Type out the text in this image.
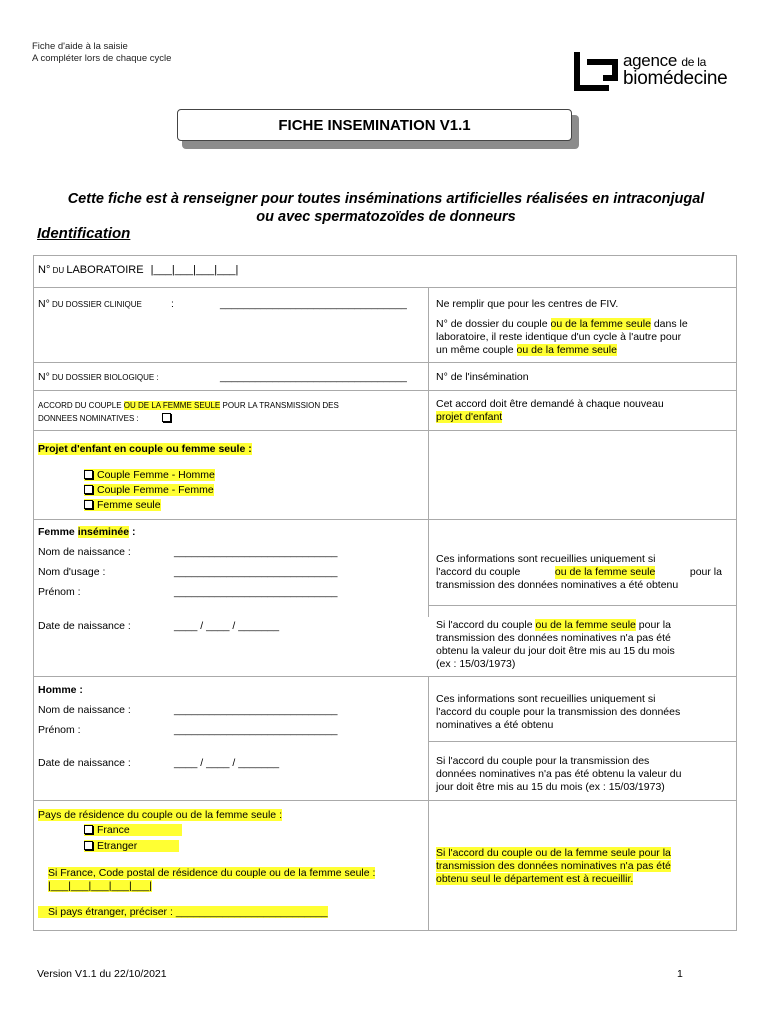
Fiche d'aide à la saisie
A compléter lors de chaque cycle	agence de la
biomédecine
FICHE INSEMINATION V1.1
Cette fiche est à renseigner pour toutes inséminations artificielles réalisées en intraconjugal
ou avec spermatozoïdes de donneurs
Identification
N° DU LABORATOIRE |___|___|___|___|
N° DU DOSSIER CLINIQUE	:	________________________________	Ne remplir que pour les centres de FIV.
N° de dossier du couple ou de la femme seule dans le
laboratoire, il reste identique d'un cycle à l'autre pour
un même couple ou de la femme seule
N° DU DOSSIER BIOLOGIQUE :	________________________________	N° de l'insémination
ACCORD DU COUPLE OU DE LA FEMME SEULE POUR LA TRANSMISSION DES
DONNEES NOMINATIVES :
Cet accord doit être demandé à chaque nouveau
projet d'enfant
Projet d'enfant en couple ou femme seule :
Couple Femme - Homme
Couple Femme - Femme
Femme seule
Femme inséminée :
Nom de naissance :	____________________________
Nom d'usage :	____________________________
Prénom :	____________________________
Ces informations sont recueillies uniquement si
l'accord du couple	ou de la femme seule	pour la
transmission des données nominatives a été obtenu
Date de naissance :	____ / ____ / _______	Si l'accord du couple ou de la femme seule pour la
transmission des données nominatives n'a pas été
obtenu la valeur du jour doit être mis au 15 du mois
(ex : 15/03/1973)
Homme :
Nom de naissance :	____________________________
Prénom :	____________________________
Ces informations sont recueillies uniquement si
l'accord du couple pour la transmission des données
nominatives a été obtenu
Date de naissance :	____ / ____ / _______	Si l'accord du couple pour la transmission des
données nominatives n'a pas été obtenu la valeur du
jour doit être mis au 15 du mois (ex : 15/03/1973)
Pays de résidence du couple ou de la femme seule :
France
Etranger
Si France, Code postal de résidence du couple ou de la femme seule :
|___|___|___|___|___|
Si pays étranger, préciser : __________________________
Si l'accord du couple ou de la femme seule pour la
transmission des données nominatives n'a pas été
obtenu seul le département est à recueillir.
Version V1.1 du 22/10/2021	1
